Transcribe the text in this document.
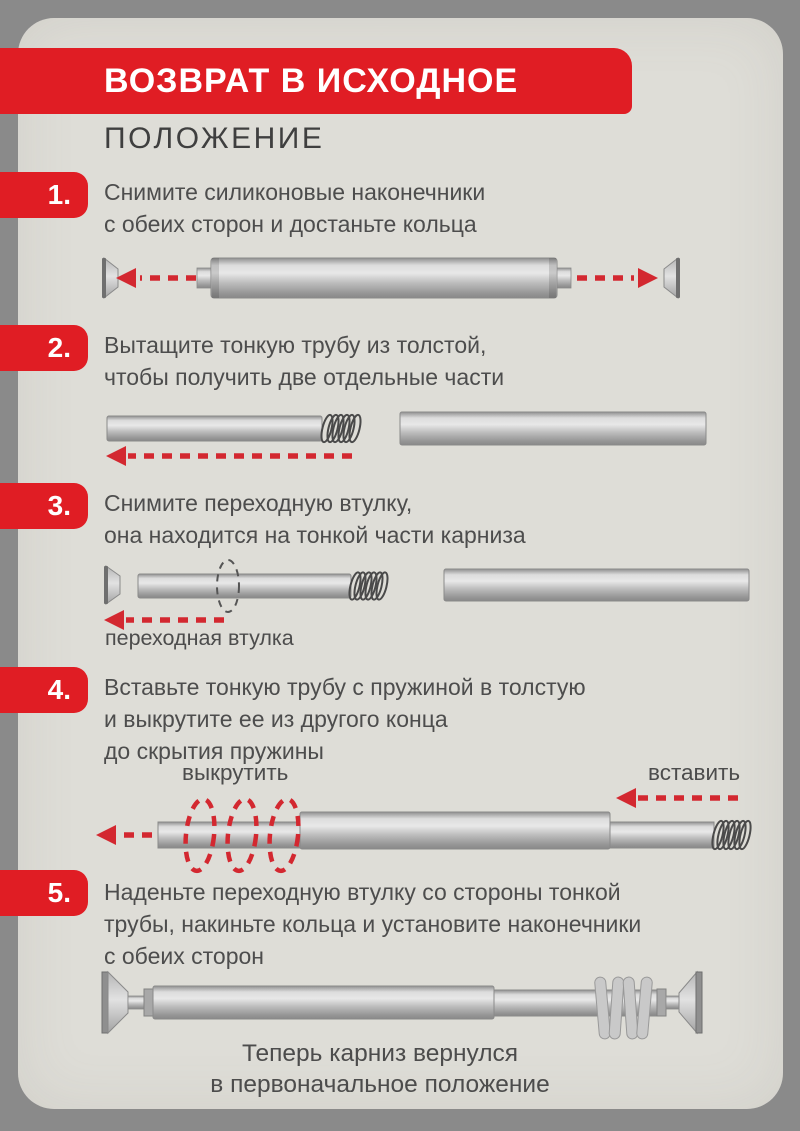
ВОЗВРАТ В ИСХОДНОЕ
ПОЛОЖЕНИЕ
1. Снимите силиконовые наконечники
с обеих сторон и достаньте кольца
2. Вытащите тонкую трубу из толстой,
чтобы получить две отдельные части
3. Снимите переходную втулку,
она находится на тонкой части карниза
переходная втулка
4. Вставьте тонкую трубу с пружиной в толстую
и выкрутите ее из другого конца
до скрытия пружины
выкрутить	вставить
5. Наденьте переходную втулку со стороны тонкой
трубы, накиньте кольца и установите наконечники
с обеих сторон
Теперь карниз вернулся
в первоначальное положение
